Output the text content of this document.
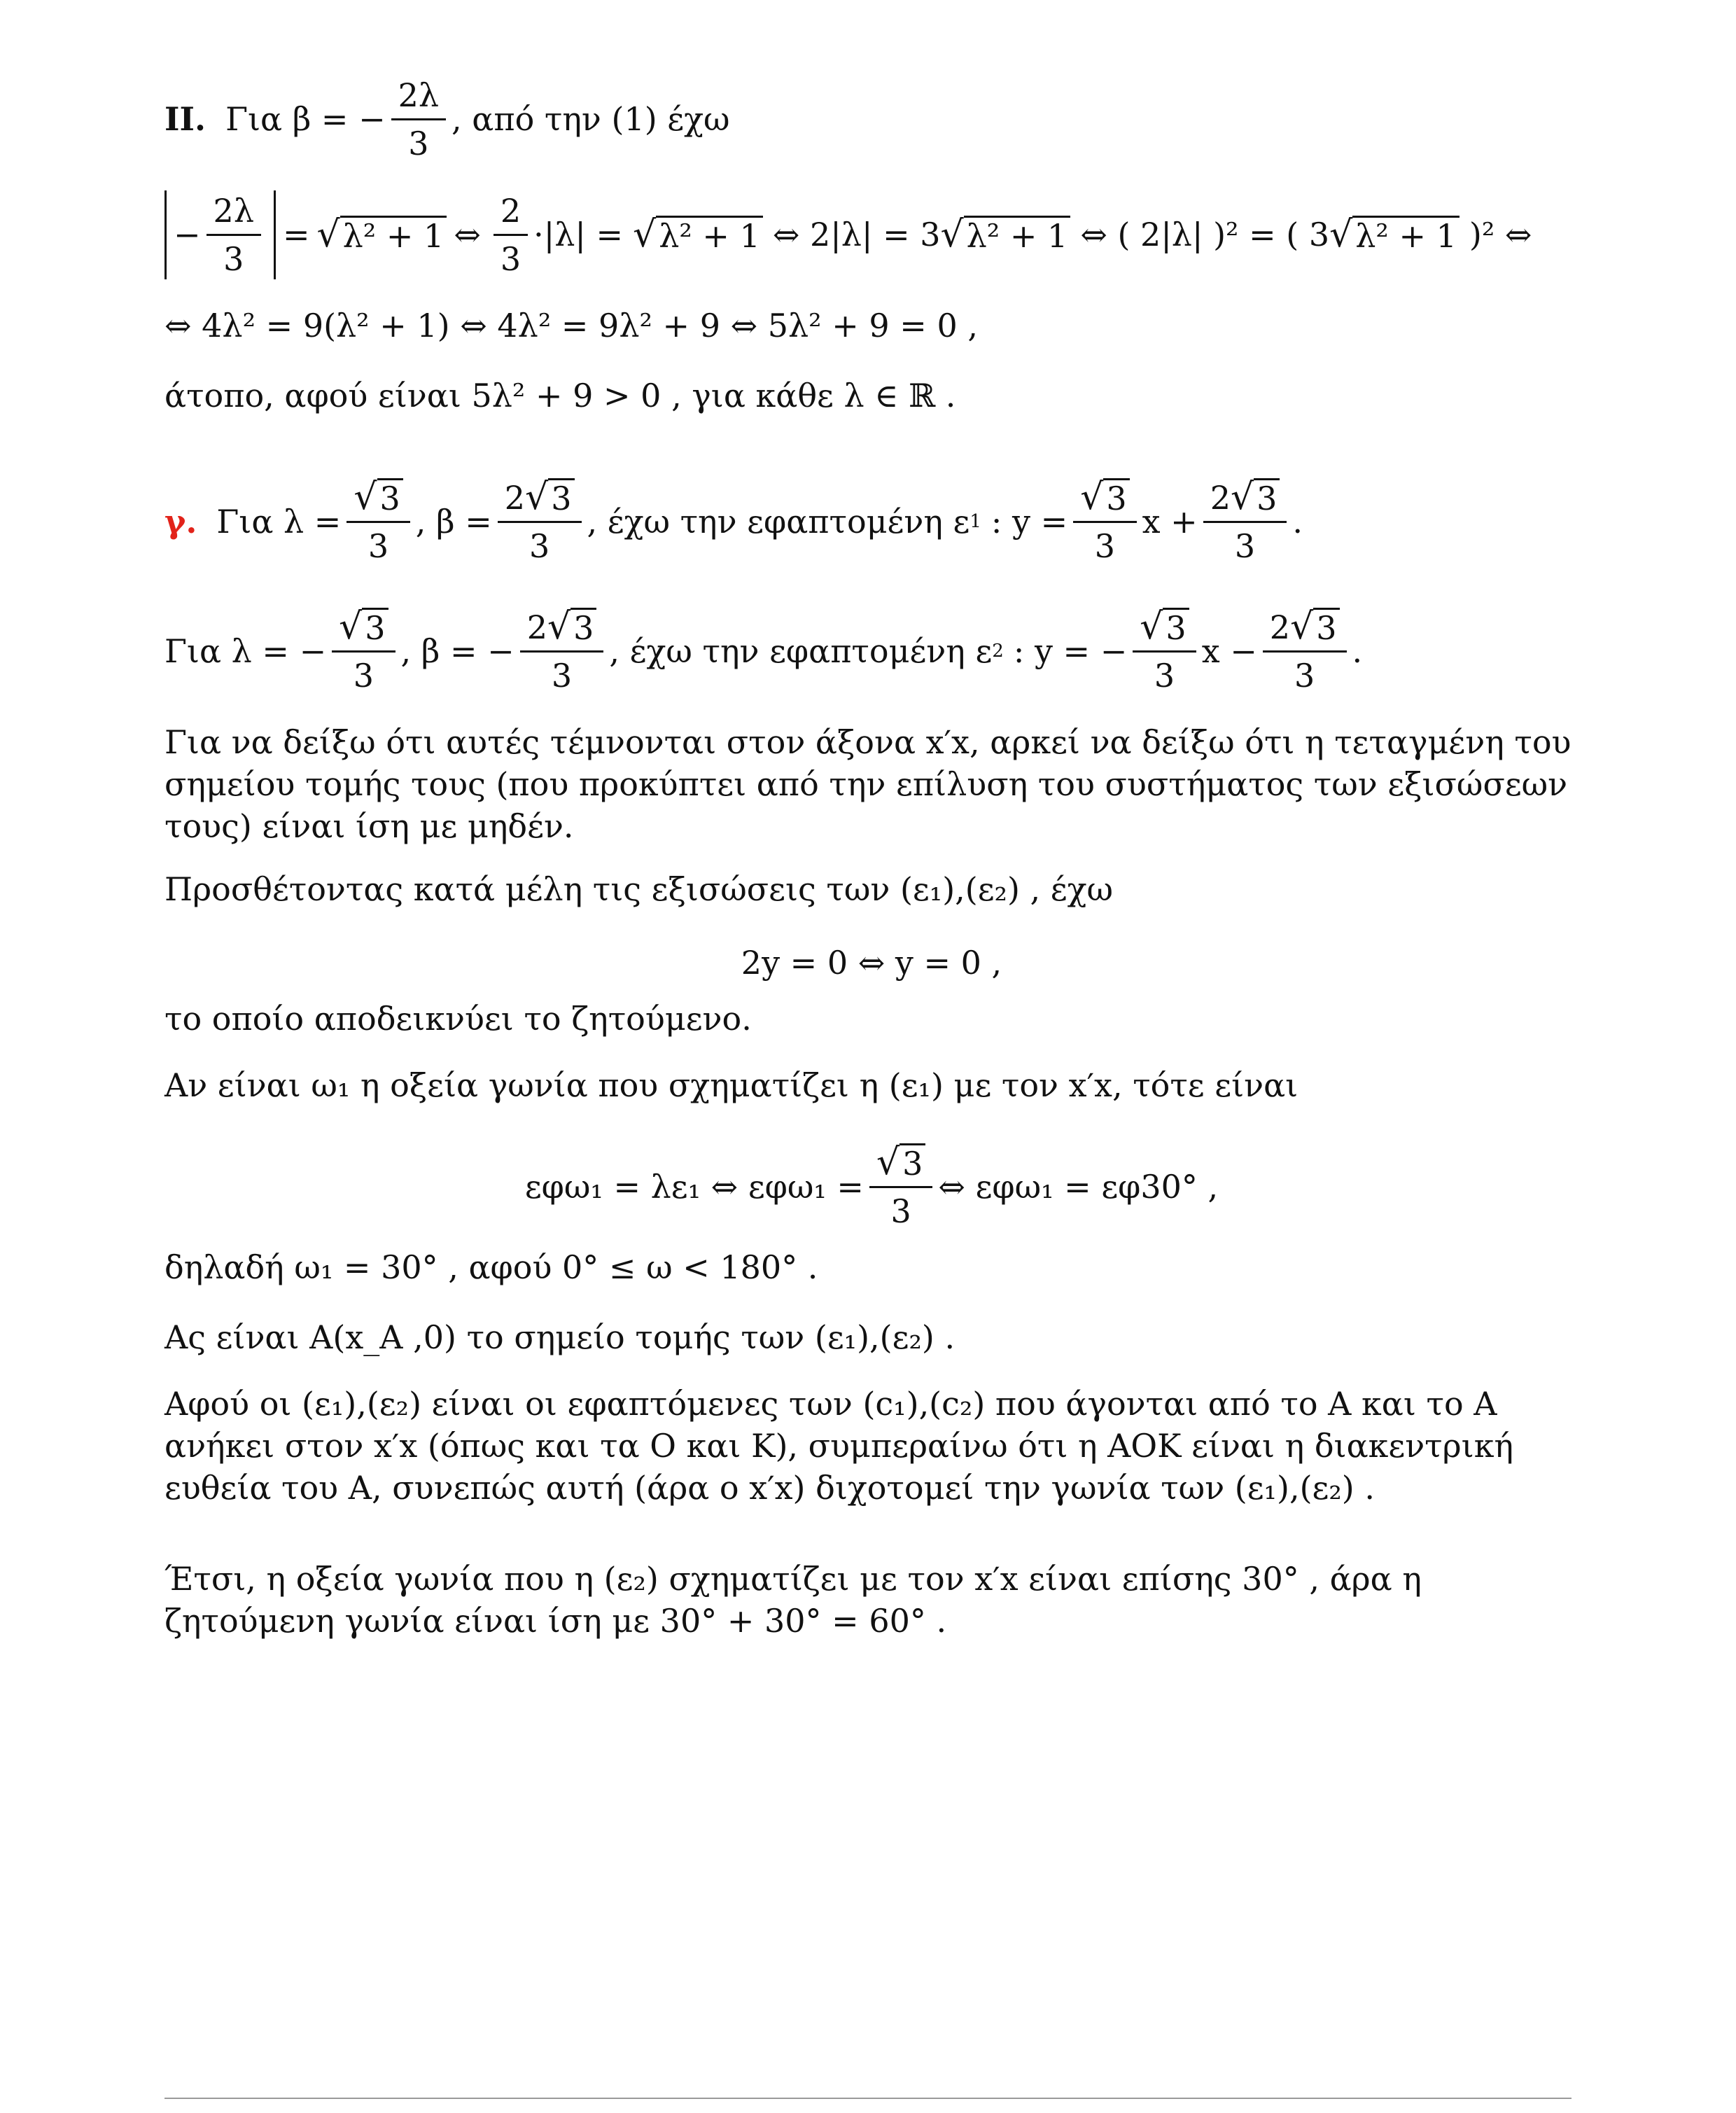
II. Για β = − $\frac{2\lambda}{3}$ , από την (1) έχω
− $\frac{2\lambda}{3}$ = √ λ² + 1 ⇔ $\frac{2}{3} \cdot|\lambda|$ = √ λ² + 1 ⇔ 2|λ| = 3 √ λ² + 1 ⇔ ( 2|λ| )² = ( 3 √ λ² + 1 )² ⇔
⇔ 4λ² = 9(λ² + 1) ⇔ 4λ² = 9λ² + 9 ⇔ 5λ² + 9 = 0 ,
άτοπο, αφού είναι 5λ² + 9 > 0 , για κάθε λ ∈ ℝ .
γ. Για $\lambda = \frac{√ 3}{3}$ , $\beta = \frac{2 √ 3}{3}$ , έχω την εφαπτομένη ε 1 : $y = \frac{√ 3}{3}$ $x + \frac{2 √ 3}{3}$ .
Για λ = − $\frac{√ 3}{3}$ , β = − $\frac{2 √ 3}{3}$ , έχω την εφαπτομένη ε 2 : y = − $\frac{√ 3}{3}$ $x - \frac{2 √ 3}{3}$ .
Για να δείξω ότι αυτές τέμνονται στον άξονα x′x, αρκεί να δείξω ότι η τεταγμένη του σημείου τομής τους (που προκύπτει από την επίλυση του συστήματος των εξισώσεων τους) είναι ίση με μηδέν.
Προσθέτοντας κατά μέλη τις εξισώσεις των (ε₁),(ε₂) , έχω
2y = 0 ⇔ y = 0 ,
το οποίο αποδεικνύει το ζητούμενο.
Αν είναι ω₁ η οξεία γωνία που σχηματίζει η (ε₁) με τον x′x, τότε είναι
εφω₁ = λε₁ ⇔ $\varepsilon\varphi\omega_1 = \frac{√ 3}{3}$ ⇔ εφω₁ = εφ30° ,
δηλαδή ω₁ = 30° , αφού 0° ≤ ω < 180° .
Ας είναι A(x_A ,0) το σημείο τομής των (ε₁),(ε₂) .
Αφού οι (ε₁),(ε₂) είναι οι εφαπτόμενες των (c₁),(c₂) που άγονται από το A και το A ανήκει στον x′x (όπως και τα O και K), συμπεραίνω ότι η AOK είναι η διακεντρική ευθεία του A, συνεπώς αυτή (άρα ο x′x) διχοτομεί την γωνία των (ε₁),(ε₂) .
Έτσι, η οξεία γωνία που η (ε₂) σχηματίζει με τον x′x είναι επίσης 30° , άρα η ζητούμενη γωνία είναι ίση με 30° + 30° = 60° .
